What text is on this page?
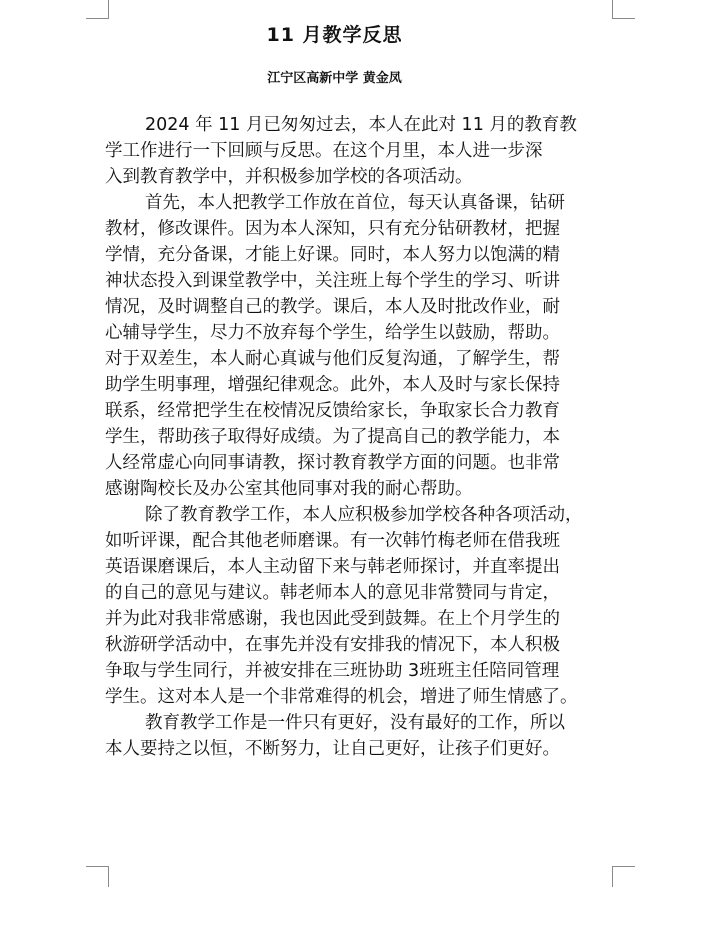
11 月教学反思
江宁区高新中学 黄金凤
2024 年 11 月已匆匆过去，本人在此对 11 月的教育教
学工作进行一下回顾与反思。在这个月里，本人进一步深
入到教育教学中，并积极参加学校的各项活动。
首先，本人把教学工作放在首位，每天认真备课，钻研
教材，修改课件。因为本人深知，只有充分钻研教材，把握
学情，充分备课，才能上好课。同时，本人努力以饱满的精
神状态投入到课堂教学中，关注班上每个学生的学习、听讲
情况，及时调整自己的教学。课后，本人及时批改作业，耐
心辅导学生，尽力不放弃每个学生，给学生以鼓励，帮助。
对于双差生，本人耐心真诚与他们反复沟通，了解学生，帮
助学生明事理，增强纪律观念。此外，本人及时与家长保持
联系，经常把学生在校情况反馈给家长，争取家长合力教育
学生，帮助孩子取得好成绩。为了提高自己的教学能力，本
人经常虚心向同事请教，探讨教育教学方面的问题。也非常
感谢陶校长及办公室其他同事对我的耐心帮助。
除了教育教学工作，本人应积极参加学校各种各项活动，
如听评课，配合其他老师磨课。有一次韩竹梅老师在借我班
英语课磨课后，本人主动留下来与韩老师探讨，并直率提出
的自己的意见与建议。韩老师本人的意见非常赞同与肯定，
并为此对我非常感谢，我也因此受到鼓舞。在上个月学生的
秋游研学活动中，在事先并没有安排我的情况下，本人积极
争取与学生同行，并被安排在三班协助 3班班主任陪同管理
学生。这对本人是一个非常难得的机会，增进了师生情感了。
教育教学工作是一件只有更好，没有最好的工作，所以
本人要持之以恒，不断努力，让自己更好，让孩子们更好。
